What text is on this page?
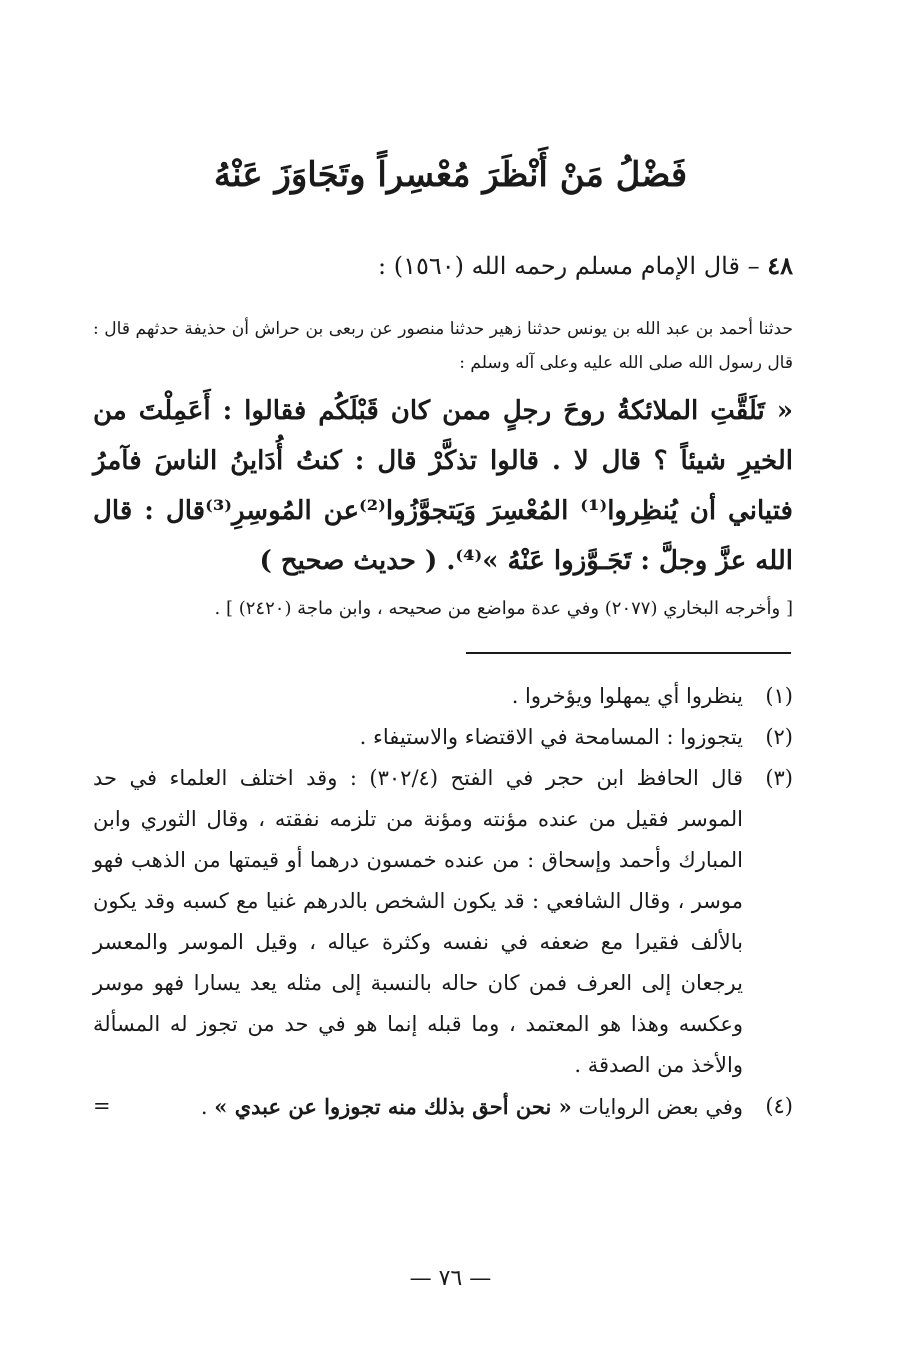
فَضْلُ مَنْ أَنْظَرَ مُعْسِراً وتَجَاوَزَ عَنْهُ
٤٨ – قال الإمام مسلم رحمه الله (١٥٦٠) :
حدثنا أحمد بن عبد الله بن يونس حدثنا زهير حدثنا منصور عن ربعى بن حراش أن حذيفة حدثهم قال : قال رسول الله صلى الله عليه وعلى آله وسلم :
« تَلَقَّتِ الملائكةُ روحَ رجلٍ ممن كان قَبْلَكُم فقالوا : أَعَمِلْتَ من الخيرِ شيئاً ؟ قال لا . قالوا تذكَّرْ قال : كنتُ أُدَاينُ الناسَ فآمرُ فتياني أن يُنظِروا⁽¹⁾ المُعْسِرَ وَيَتجوَّزُوا⁽²⁾عن المُوسِرِ⁽³⁾قال : قال الله عزَّ وجلَّ : تَجَـوَّزوا عَنْهُ »⁽⁴⁾. ( حديث صحيح )
[ وأخرجه البخاري (٢٠٧٧) وفي عدة مواضع من صحيحه ، وابن ماجة (٢٤٢٠) ] .
(١)
ينظروا أي يمهلوا ويؤخروا .
(٢)
يتجوزوا : المسامحة في الاقتضاء والاستيفاء .
(٣)
قال الحافظ ابن حجر في الفتح (٣٠٢/٤) : وقد اختلف العلماء في حد الموسر فقيل من عنده مؤنته ومؤنة من تلزمه نفقته ، وقال الثوري وابن المبارك وأحمد وإسحاق : من عنده خمسون درهما أو قيمتها من الذهب فهو موسر ، وقال الشافعي : قد يكون الشخص بالدرهم غنيا مع كسبه وقد يكون بالألف فقيرا مع ضعفه في نفسه وكثرة عياله ، وقيل الموسر والمعسر يرجعان إلى العرف فمن كان حاله بالنسبة إلى مثله يعد يسارا فهو موسر وعكسه وهذا هو المعتمد ، وما قبله إنما هو في حد من تجوز له المسألة والأخذ من الصدقة .
(٤)
وفي بعض الروايات « نحن أحق بذلك منه تجوزوا عن عبدي » .
=
— ٧٦ —
